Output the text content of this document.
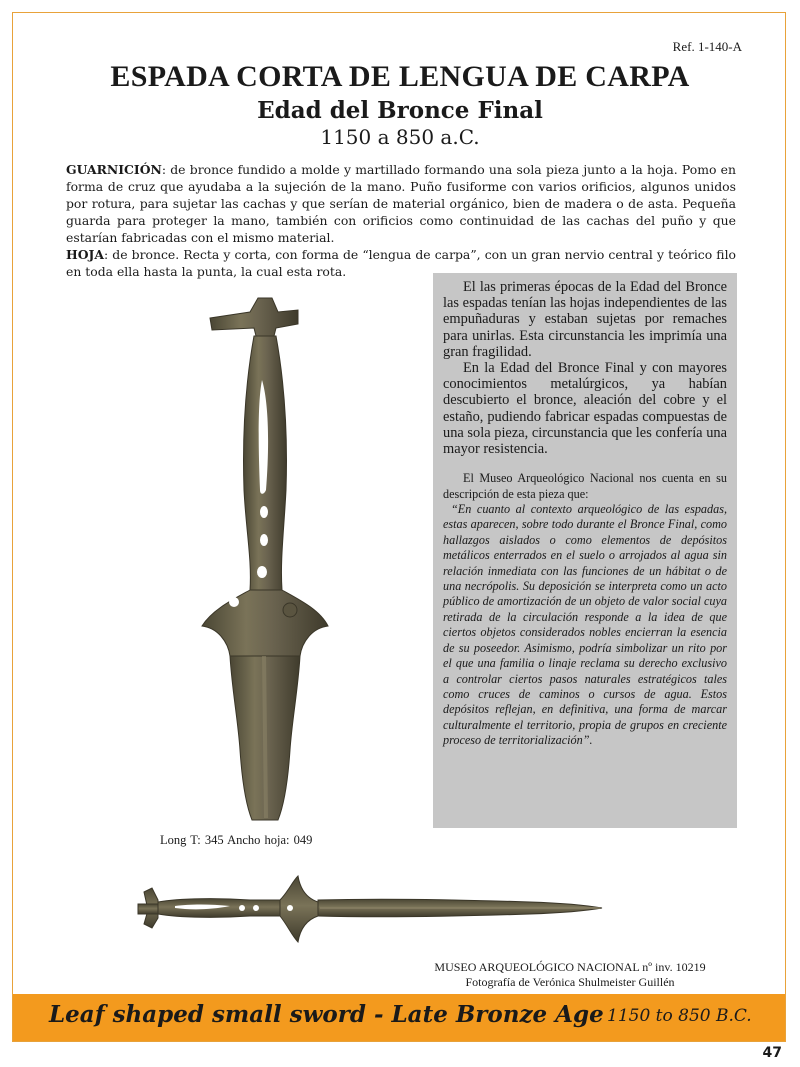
Ref. 1-140-A
ESPADA CORTA DE LENGUA DE CARPA
Edad del Bronce Final
1150 a 850 a.C.

GUARNICIÓN: de bronce fundido a molde y martillado formando una sola pieza junto a la hoja. Pomo en forma de cruz que ayudaba a la sujeción de la mano. Puño fusiforme con varios orificios, algunos unidos por rotura, para sujetar las cachas y que serían de material orgánico, bien de madera o de asta. Pequeña guarda para proteger la mano, también con orificios como continuidad de las cachas del puño y que estarían fabricadas con el mismo material.

HOJA: de bronce. Recta y corta, con forma de “lengua de carpa”, con un gran nervio central y teórico filo en toda ella hasta la punta, la cual esta rota.

Long T: 345 Ancho hoja: 049

El las primeras épocas de la Edad del Bronce las espadas tenían las hojas independientes de las empuñaduras y estaban sujetas por remaches para unirlas. Esta circunstancia les imprimía una gran fragilidad.

En la Edad del Bronce Final y con mayores conocimientos metalúrgicos, ya habían descubierto el bronce, aleación del cobre y el estaño, pudiendo fabricar espadas compuestas de una sola pieza, circunstancia que les confería una mayor resistencia.

El Museo Arqueológico Nacional nos cuenta en su descripción de esta pieza que:

“En cuanto al contexto arqueológico de las espadas, estas aparecen, sobre todo durante el Bronce Final, como hallazgos aislados o como elementos de depósitos metálicos enterrados en el suelo o arrojados al agua sin relación inmediata con las funciones de un hábitat o de una necrópolis. Su deposición se interpreta como un acto público de amortización de un objeto de valor social cuya retirada de la circulación responde a la idea de que ciertos objetos considerados nobles encierran la esencia de su poseedor. Asimismo, podría simbolizar un rito por el que una familia o linaje reclama su derecho exclusivo a controlar ciertos pasos naturales estratégicos tales como cruces de caminos o cursos de agua. Estos depósitos reflejan, en definitiva, una forma de marcar culturalmente el territorio, propia de grupos en creciente proceso de territorialización”.

MUSEO ARQUEOLÓGICO NACIONAL nº inv. 10219
Fotografía de Verónica Shulmeister Guillén
Leaf shaped small sword - Late Bronze Age 1150 to 850 B.C.
47
